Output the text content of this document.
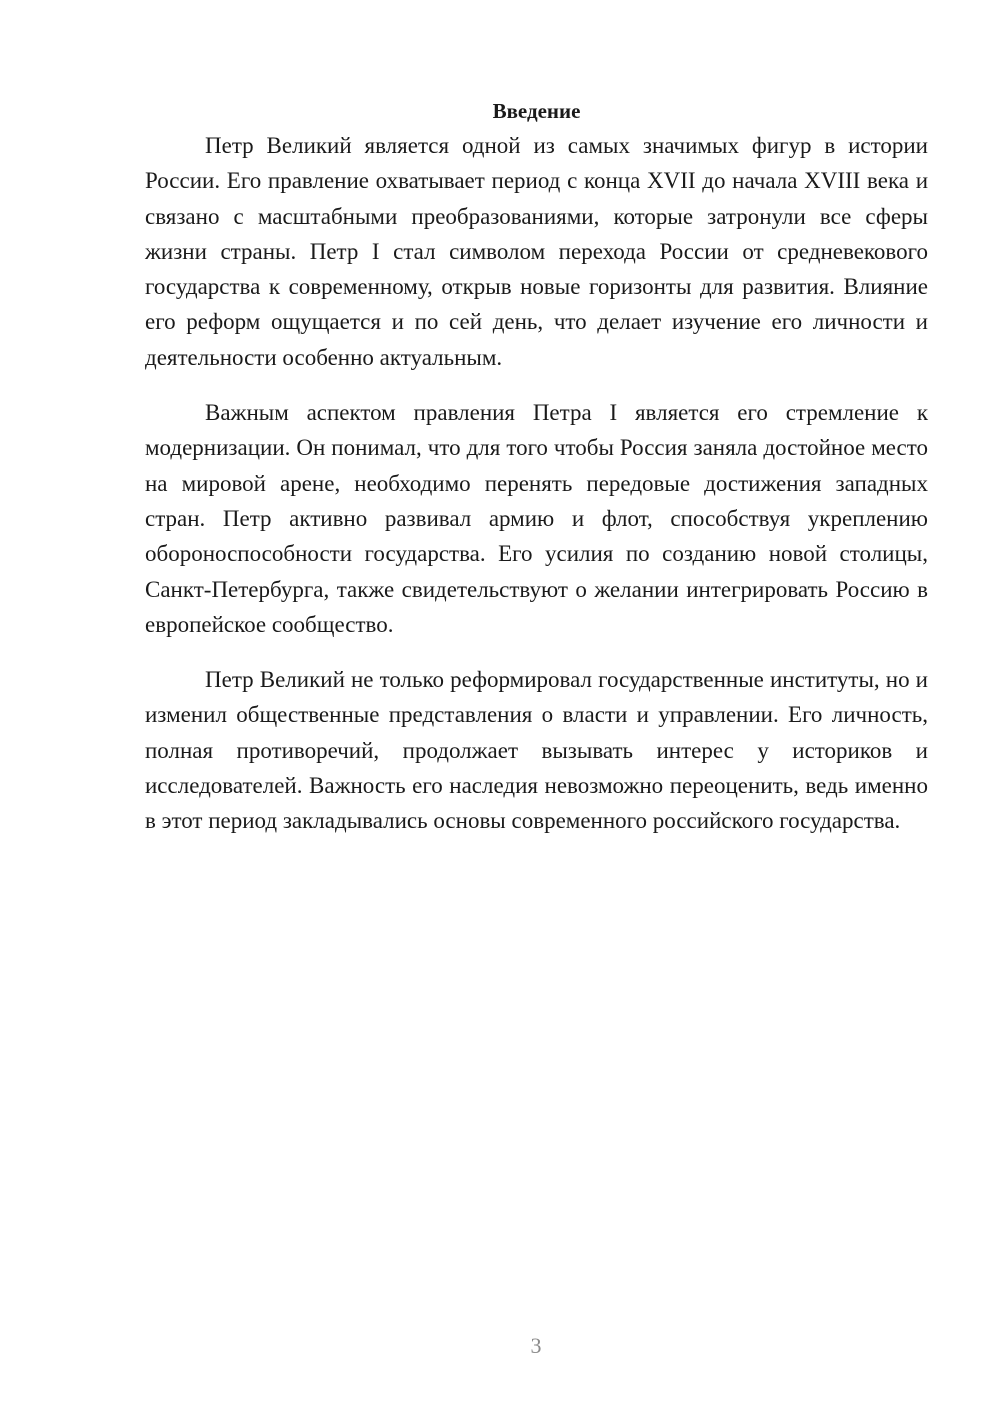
Введение

Петр Великий является одной из самых значимых фигур в истории России. Его правление охватывает период с конца XVII до начала XVIII века и связано с масштабными преобразованиями, которые затронули все сферы жизни страны. Петр I стал символом перехода России от средневекового государства к современному, открыв новые горизонты для развития. Влияние его реформ ощущается и по сей день, что делает изучение его личности и деятельности особенно актуальным.

Важным аспектом правления Петра I является его стремление к модернизации. Он понимал, что для того чтобы Россия заняла достойное место на мировой арене, необходимо перенять передовые достижения западных стран. Петр активно развивал армию и флот, способствуя укреплению обороноспособности государства. Его усилия по созданию новой столицы, Санкт-Петербурга, также свидетельствуют о желании интегрировать Россию в европейское сообщество.

Петр Великий не только реформировал государственные институты, но и изменил общественные представления о власти и управлении. Его личность, полная противоречий, продолжает вызывать интерес у историков и исследователей. Важность его наследия невозможно переоценить, ведь именно в этот период закладывались основы современного российского государства.

3
